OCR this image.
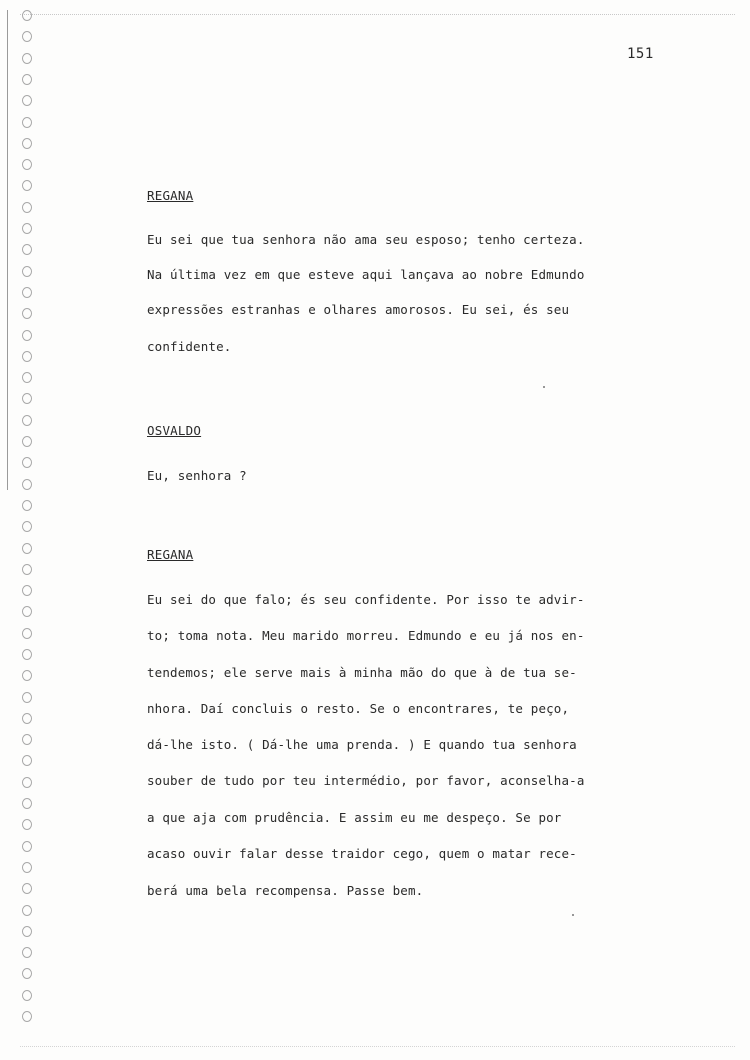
151
REGANA
Eu sei que tua senhora não ama seu esposo; tenho certeza.
Na última vez em que esteve aqui lançava ao nobre Edmundo
expressões estranhas e olhares amorosos. Eu sei, és seu
confidente.
OSVALDO
Eu, senhora ?
REGANA
Eu sei do que falo; és seu confidente. Por isso te advir-
to; toma nota. Meu marido morreu. Edmundo e eu já nos en-
tendemos; ele serve mais à minha mão do que à de tua se-
nhora. Daí concluis o resto. Se o encontrares, te peço,
dá-lhe isto. ( Dá-lhe uma prenda. ) E quando tua senhora
souber de tudo por teu intermédio, por favor, aconselha-a
a que aja com prudência. E assim eu me despeço. Se por
acaso ouvir falar desse traidor cego, quem o matar rece-
berá uma bela recompensa. Passe bem.
